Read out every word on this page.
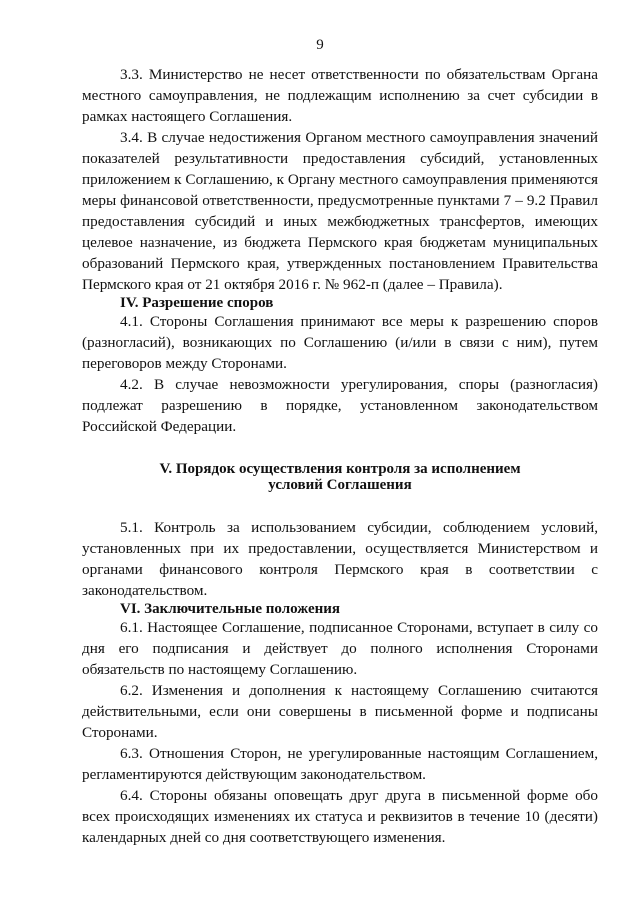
9

3.3. Министерство не несет ответственности по обязательствам Органа местного самоуправления, не подлежащим исполнению за счет субсидии в рамках настоящего Соглашения.

3.4. В случае недостижения Органом местного самоуправления значений показателей результативности предоставления субсидий, установленных приложением к Соглашению, к Органу местного самоуправления применяются меры финансовой ответственности, предусмотренные пунктами 7 – 9.2 Правил предоставления субсидий и иных межбюджетных трансфертов, имеющих целевое назначение, из бюджета Пермского края бюджетам муниципальных образований Пермского края, утвержденных постановлением Правительства Пермского края от 21 октября 2016 г. № 962-п (далее – Правила).

IV. Разрешение споров

4.1. Стороны Соглашения принимают все меры к разрешению споров (разногласий), возникающих по Соглашению (и/или в связи с ним), путем переговоров между Сторонами.

4.2. В случае невозможности урегулирования, споры (разногласия) подлежат разрешению в порядке, установленном законодательством Российской Федерации.

V. Порядок осуществления контроля за исполнением
условий Соглашения

5.1. Контроль за использованием субсидии, соблюдением условий, установленных при их предоставлении, осуществляется Министерством и органами финансового контроля Пермского края в соответствии с законодательством.

VI. Заключительные положения

6.1. Настоящее Соглашение, подписанное Сторонами, вступает в силу со дня его подписания и действует до полного исполнения Сторонами обязательств по настоящему Соглашению.

6.2. Изменения и дополнения к настоящему Соглашению считаются действительными, если они совершены в письменной форме и подписаны Сторонами.

6.3. Отношения Сторон, не урегулированные настоящим Соглашением, регламентируются действующим законодательством.

6.4. Стороны обязаны оповещать друг друга в письменной форме обо всех происходящих изменениях их статуса и реквизитов в течение 10 (десяти) календарных дней со дня соответствующего изменения.
